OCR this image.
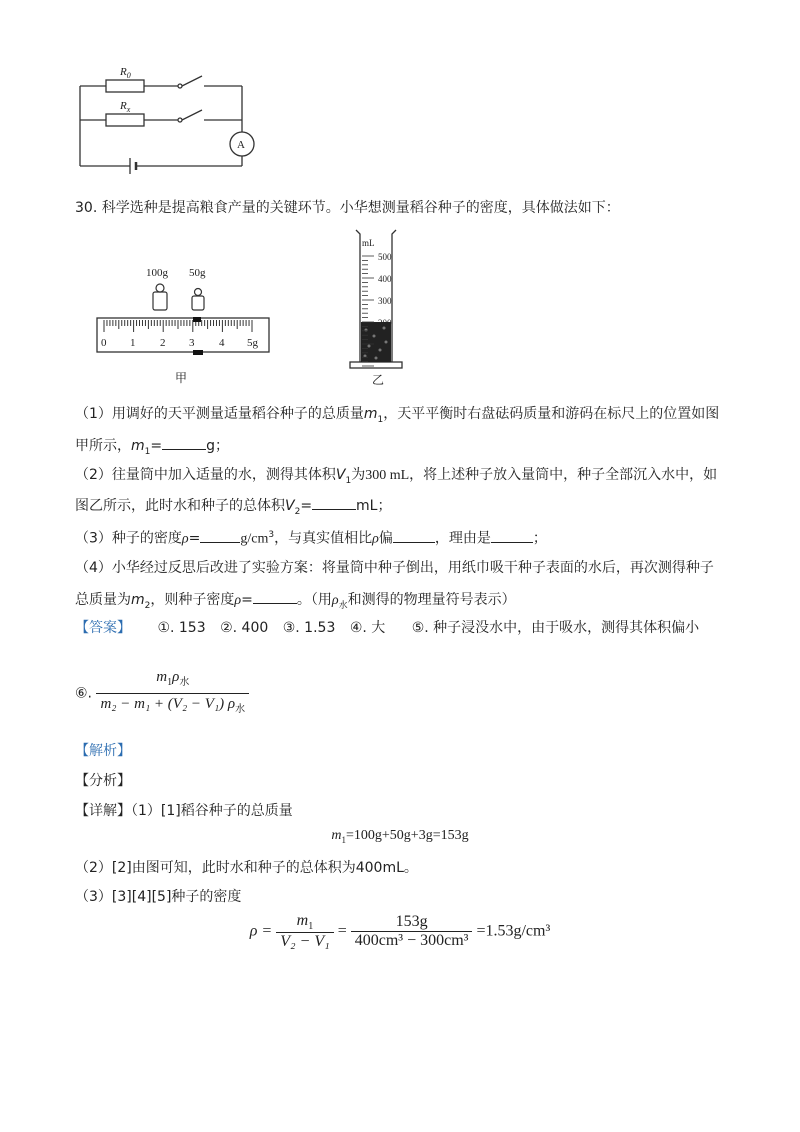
$R_0$
$R_x$
A
30. 科学选种是提高粮食产量的关键环节。小华想测量稻谷种子的密度，具体做法如下：
100g 50g
0 1 2 3 4 5g
甲
mL
500
400
300
200
乙
（1）用调好的天平测量适量稻谷种子的总质量$m_1$，天平平衡时右盘砝码质量和游码在标尺上的位置如图
甲所示，$m_1=$	g；
（2）往量筒中加入适量的水，测得其体积$V_1$为300 mL，将上述种子放入量筒中，种子全部沉入水中，如
图乙所示，此时水和种子的总体积$V_2=$	mL；
（3）种子的密度ρ=	$g/cm^3$，与真实值相比ρ偏	，理由是	；
（4）小华经过反思后改进了实验方案：将量筒中种子倒出，用纸巾吸干种子表面的水后，再次测得种子
总质量为$m_2$，则种子密度ρ=	。（用$\rho_水$和测得的物理量符号表示）
【答案】 ①. 153 ②. 400 ③. 1.53 ④. 大 ⑤. 种子浸没水中，由于吸水，测得其体积偏小
⑥. $\frac{m_1\rho_水}{m_2 - m_1 + (V_2 - V_1) \rho_水}$
【解析】
【分析】
【详解】（1）[1]稻谷种子的总质量
$m_1=100g+50g+3g=153g$
（2）[2]由图可知，此时水和种子的总体积为400mL。
（3）[3][4][5]种子的密度
$\rho = \frac{m_1}{\text{V₂ − V₁}} = \frac{153g}{\text{400cm³ − 300cm³}} =1.53g/cm^3$
